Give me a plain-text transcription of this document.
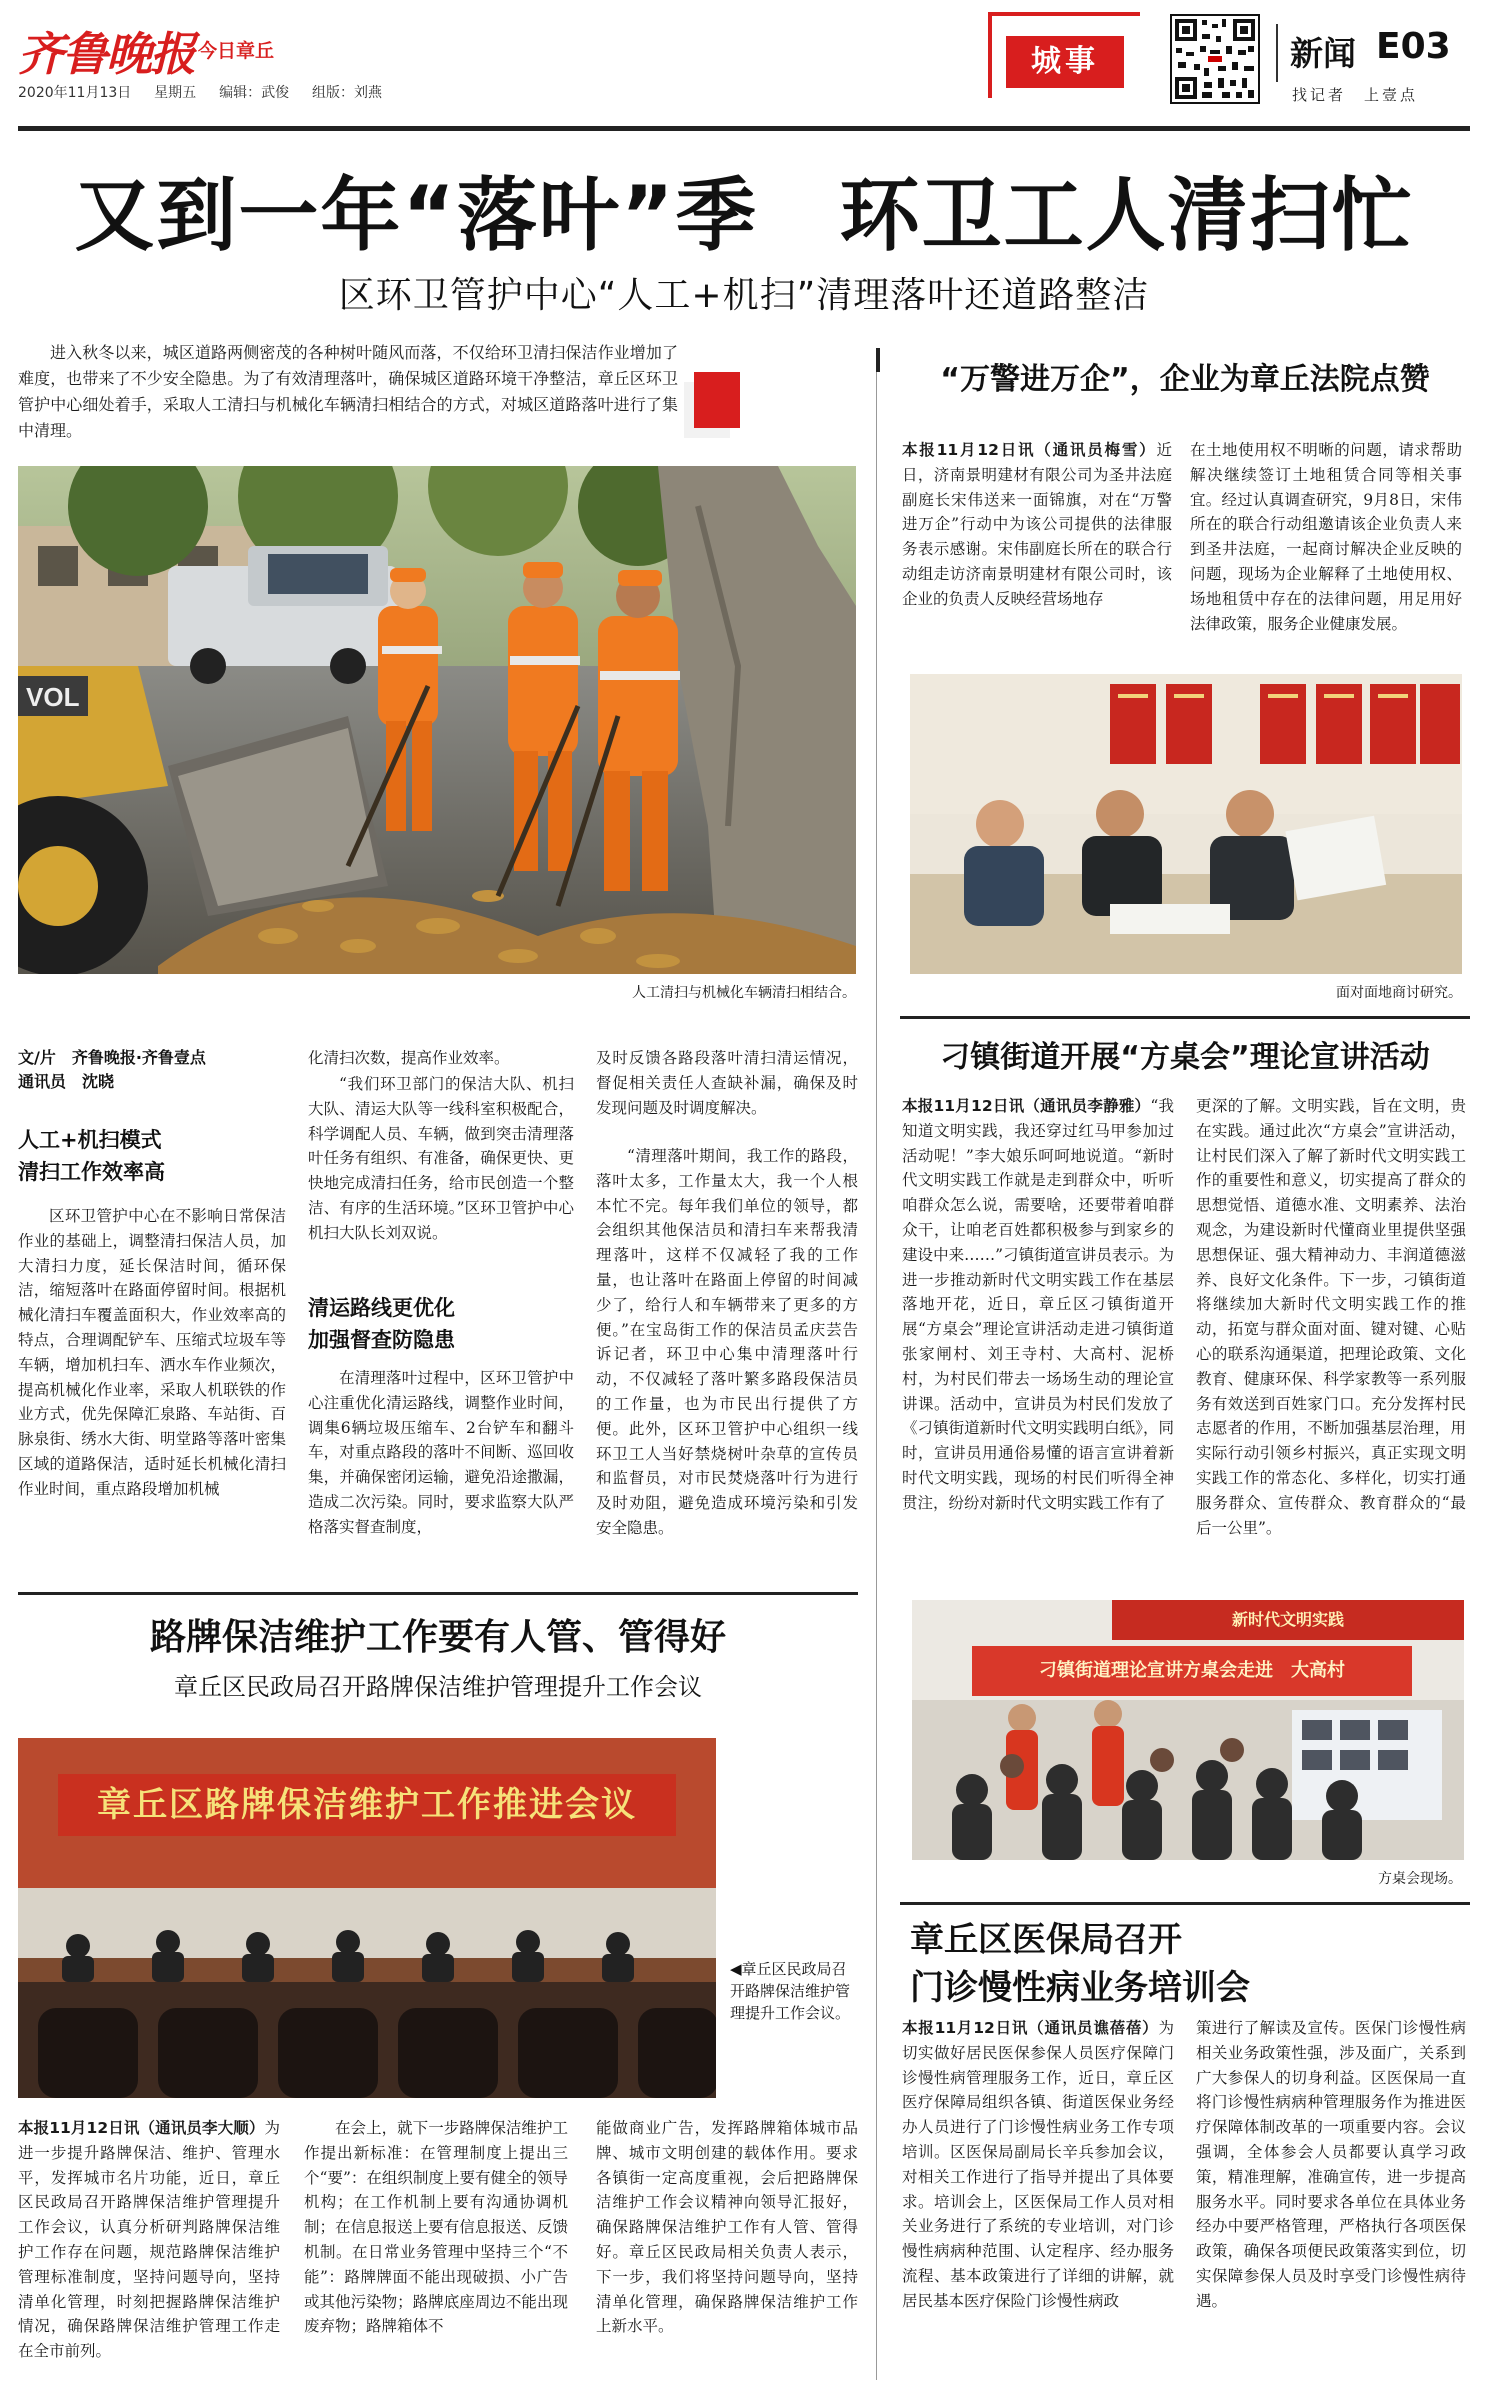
齐鲁晚报 今日章丘
2020年11月13日 星期五 编辑：武俊 组版：刘燕
城事	新闻 E03
找记者　上壹点
又到一年“落叶”季　环卫工人清扫忙
区环卫管护中心“人工+机扫”清理落叶还道路整洁
进入秋冬以来，城区道路两侧密茂的各种树叶随风而落，不仅给环卫清扫保洁作业增加了难度，也带来了不少安全隐患。为了有效清理落叶，确保城区道路环境干净整洁，章丘区环卫管护中心细处着手，采取人工清扫与机械化车辆清扫相结合的方式，对城区道路落叶进行了集中清理。
VOL
人工清扫与机械化车辆清扫相结合。
文/片　齐鲁晚报·齐鲁壹点
通讯员　沈晓
人工+机扫模式
清扫工作效率高
区环卫管护中心在不影响日常保洁作业的基础上，调整清扫保洁人员，加大清扫力度，延长保洁时间，循环保洁，缩短落叶在路面停留时间。根据机械化清扫车覆盖面积大，作业效率高的特点，合理调配铲车、压缩式垃圾车等车辆，增加机扫车、洒水车作业频次，提高机械化作业率，采取人机联铁的作业方式，优先保障汇泉路、车站街、百脉泉街、绣水大街、明堂路等落叶密集区域的道路保洁，适时延长机械化清扫作业时间，重点路段增加机械
化清扫次数，提高作业效率。
“我们环卫部门的保洁大队、机扫大队、清运大队等一线科室积极配合，科学调配人员、车辆，做到突击清理落叶任务有组织、有准备，确保更快、更快地完成清扫任务，给市民创造一个整洁、有序的生活环境。”区环卫管护中心机扫大队长刘双说。
清运路线更优化
加强督查防隐患
在清理落叶过程中，区环卫管护中心注重优化清运路线，调整作业时间，调集6辆垃圾压缩车、2台铲车和翻斗车，对重点路段的落叶不间断、巡回收集，并确保密闭运输，避免沿途撒漏，造成二次污染。同时，要求监察大队严格落实督查制度，
及时反馈各路段落叶清扫清运情况，督促相关责任人查缺补漏，确保及时发现问题及时调度解决。
“清理落叶期间，我工作的路段，落叶太多，工作量太大，我一个人根本忙不完。每年我们单位的领导，都会组织其他保洁员和清扫车来帮我清理落叶，这样不仅减轻了我的工作量，也让落叶在路面上停留的时间减少了，给行人和车辆带来了更多的方便。”在宝岛街工作的保洁员孟庆芸告诉记者，环卫中心集中清理落叶行动，不仅减轻了落叶繁多路段保洁员的工作量，也为市民出行提供了方便。此外，区环卫管护中心组织一线环卫工人当好禁烧树叶杂草的宣传员和监督员，对市民焚烧落叶行为进行及时劝阻，避免造成环境污染和引发安全隐患。
路牌保洁维护工作要有人管、管得好
章丘区民政局召开路牌保洁维护管理提升工作会议
章丘区路牌保洁维护工作推进会议
◀章丘区民政局召开路牌保洁维护管理提升工作会议。
本报11月12日讯（通讯员李大顺）为进一步提升路牌保洁、维护、管理水平，发挥城市名片功能，近日，章丘区民政局召开路牌保洁维护管理提升工作会议，认真分析研判路牌保洁维护工作存在问题，规范路牌保洁维护管理标准制度，坚持问题导向，坚持清单化管理，时刻把握路牌保洁维护情况，确保路牌保洁维护管理工作走在全市前列。
在会上，就下一步路牌保洁维护工作提出新标准：在管理制度上提出三个“要”：在组织制度上要有健全的领导机构；在工作机制上要有沟通协调机制；在信息报送上要有信息报送、反馈机制。在日常业务管理中坚持三个“不能”：路牌牌面不能出现破损、小广告或其他污染物；路牌底座周边不能出现废弃物；路牌箱体不
能做商业广告，发挥路牌箱体城市品牌、城市文明创建的载体作用。要求各镇街一定高度重视，会后把路牌保洁维护工作会议精神向领导汇报好，确保路牌保洁维护工作有人管、管得好。章丘区民政局相关负责人表示，下一步，我们将坚持问题导向，坚持清单化管理，确保路牌保洁维护工作上新水平。
“万警进万企”，企业为章丘法院点赞
本报11月12日讯（通讯员梅雪）近日，济南景明建材有限公司为圣井法庭副庭长宋伟送来一面锦旗，对在“万警进万企”行动中为该公司提供的法律服务表示感谢。宋伟副庭长所在的联合行动组走访济南景明建材有限公司时，该企业的负责人反映经营场地存
在土地使用权不明晰的问题，请求帮助解决继续签订土地租赁合同等相关事宜。经过认真调查研究，9月8日，宋伟所在的联合行动组邀请该企业负责人来到圣井法庭，一起商讨解决企业反映的问题，现场为企业解释了土地使用权、场地租赁中存在的法律问题，用足用好法律政策，服务企业健康发展。
面对面地商讨研究。
刁镇街道开展“方桌会”理论宣讲活动
本报11月12日讯（通讯员李静雅）“我知道文明实践，我还穿过红马甲参加过活动呢！”李大娘乐呵呵地说道。“新时代文明实践工作就是走到群众中，听听咱群众怎么说，需要啥，还要带着咱群众干，让咱老百姓都积极参与到家乡的建设中来……”刁镇街道宣讲员表示。为进一步推动新时代文明实践工作在基层落地开花，近日，章丘区刁镇街道开展“方桌会”理论宣讲活动走进刁镇街道张家闸村、刘王寺村、大高村、泥桥村，为村民们带去一场场生动的理论宣讲课。活动中，宣讲员为村民们发放了《刁镇街道新时代文明实践明白纸》，同时，宣讲员用通俗易懂的语言宣讲着新时代文明实践，现场的村民们听得全神贯注，纷纷对新时代文明实践工作有了
更深的了解。文明实践，旨在文明，贵在实践。通过此次“方桌会”宣讲活动，让村民们深入了解了新时代文明实践工作的重要性和意义，切实提高了群众的思想觉悟、道德水准、文明素养、法治观念，为建设新时代懂商业里提供坚强思想保证、强大精神动力、丰润道德滋养、良好文化条件。下一步，刁镇街道将继续加大新时代文明实践工作的推动，拓宽与群众面对面、键对键、心贴心的联系沟通渠道，把理论政策、文化教育、健康环保、科学家教等一系列服务有效送到百姓家门口。充分发挥村民志愿者的作用，不断加强基层治理，用实际行动引领乡村振兴，真正实现文明实践工作的常态化、多样化，切实打通服务群众、宣传群众、教育群众的“最后一公里”。
新时代文明实践
刁镇街道理论宣讲方桌会走进　大高村
方桌会现场。
章丘区医保局召开
门诊慢性病业务培训会
本报11月12日讯（通讯员谯蓓蓓）为切实做好居民医保参保人员医疗保障门诊慢性病管理服务工作，近日，章丘区医疗保障局组织各镇、街道医保业务经办人员进行了门诊慢性病业务工作专项培训。区医保局副局长辛兵参加会议，对相关工作进行了指导并提出了具体要求。培训会上，区医保局工作人员对相关业务进行了系统的专业培训，对门诊慢性病病种范围、认定程序、经办服务流程、基本政策进行了详细的讲解，就居民基本医疗保险门诊慢性病政
策进行了解读及宣传。医保门诊慢性病相关业务政策性强，涉及面广，关系到广大参保人的切身利益。区医保局一直将门诊慢性病病种管理服务作为推进医疗保障体制改革的一项重要内容。会议强调，全体参会人员都要认真学习政策，精准理解，准确宣传，进一步提高服务水平。同时要求各单位在具体业务经办中要严格管理，严格执行各项医保政策，确保各项便民政策落实到位，切实保障参保人员及时享受门诊慢性病待遇。
